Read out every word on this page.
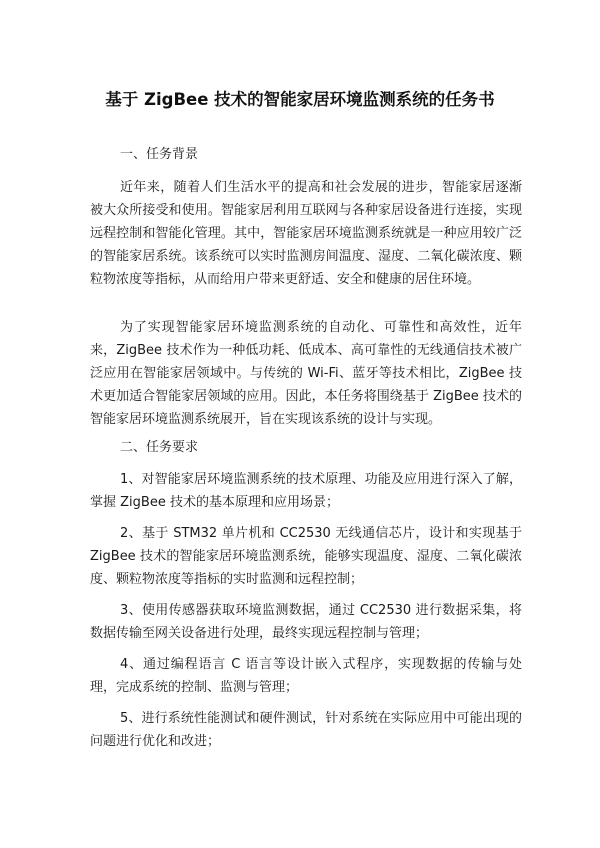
基于 ZigBee 技术的智能家居环境监测系统的任务书
一、任务背景
近年来，随着人们生活水平的提高和社会发展的进步，智能家居逐渐被大众所接受和使用。智能家居利用互联网与各种家居设备进行连接，实现远程控制和智能化管理。其中，智能家居环境监测系统就是一种应用较广泛的智能家居系统。该系统可以实时监测房间温度、湿度、二氧化碳浓度、颗粒物浓度等指标，从而给用户带来更舒适、安全和健康的居住环境。
为了实现智能家居环境监测系统的自动化、可靠性和高效性，近年来，ZigBee 技术作为一种低功耗、低成本、高可靠性的无线通信技术被广泛应用在智能家居领域中。与传统的 Wi-Fi、蓝牙等技术相比，ZigBee 技术更加适合智能家居领域的应用。因此，本任务将围绕基于 ZigBee 技术的智能家居环境监测系统展开，旨在实现该系统的设计与实现。
二、任务要求
1、对智能家居环境监测系统的技术原理、功能及应用进行深入了解，掌握 ZigBee 技术的基本原理和应用场景；
2、基于 STM32 单片机和 CC2530 无线通信芯片，设计和实现基于 ZigBee 技术的智能家居环境监测系统，能够实现温度、湿度、二氧化碳浓度、颗粒物浓度等指标的实时监测和远程控制；
3、使用传感器获取环境监测数据，通过 CC2530 进行数据采集，将数据传输至网关设备进行处理，最终实现远程控制与管理；
4、通过编程语言 C 语言等设计嵌入式程序，实现数据的传输与处理，完成系统的控制、监测与管理；
5、进行系统性能测试和硬件测试，针对系统在实际应用中可能出现的问题进行优化和改进；
